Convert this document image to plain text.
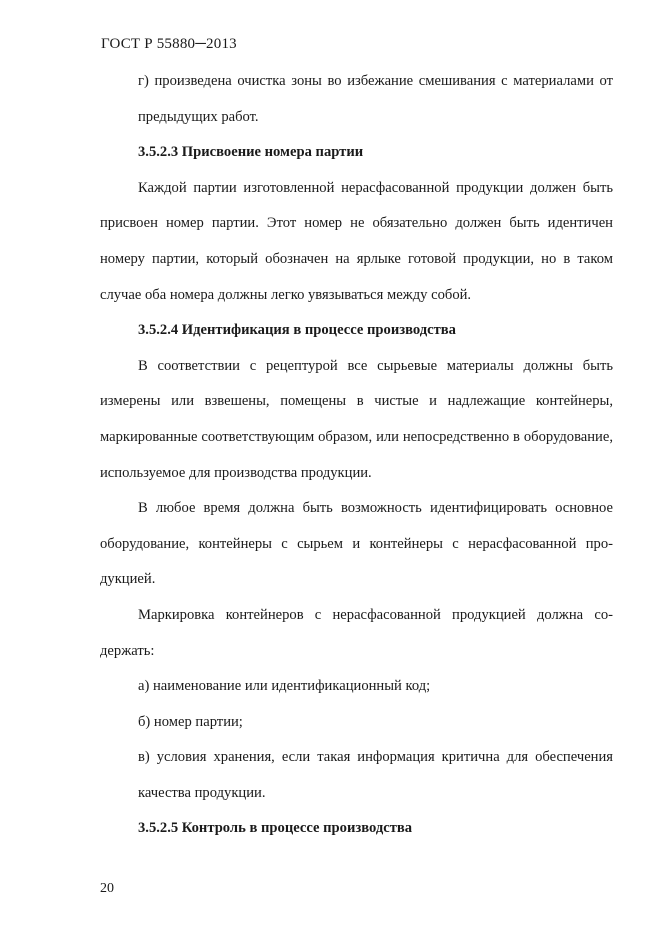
ГОСТ Р 55880─2013

г) произведена очистка зоны во избежание смешивания с материалами от предыдущих работ.

3.5.2.3 Присвоение номера партии

Каждой партии изготовленной нерасфасованной продукции должен быть присвоен номер партии. Этот номер не обязательно должен быть идентичен номеру партии, который обозначен на ярлыке готовой продукции, но в таком случае оба номера должны легко увязываться между собой.

3.5.2.4 Идентификация в процессе производства

В соответствии с рецептурой все сырьевые материалы должны быть измерены или взвешены, помещены в чистые и надлежащие контейнеры, маркированные соответствующим образом, или непосредственно в оборудование, используемое для производства продукции.

В любое время должна быть возможность идентифицировать основное оборудование, контейнеры с сырьем и контейнеры с нерасфасованной продукцией.

Маркировка контейнеров с нерасфасованной продукцией должна содержать:

а) наименование или идентификационный код;

б) номер партии;

в) условия хранения, если такая информация критична для обеспечения качества продукции.

3.5.2.5 Контроль в процессе производства

20
